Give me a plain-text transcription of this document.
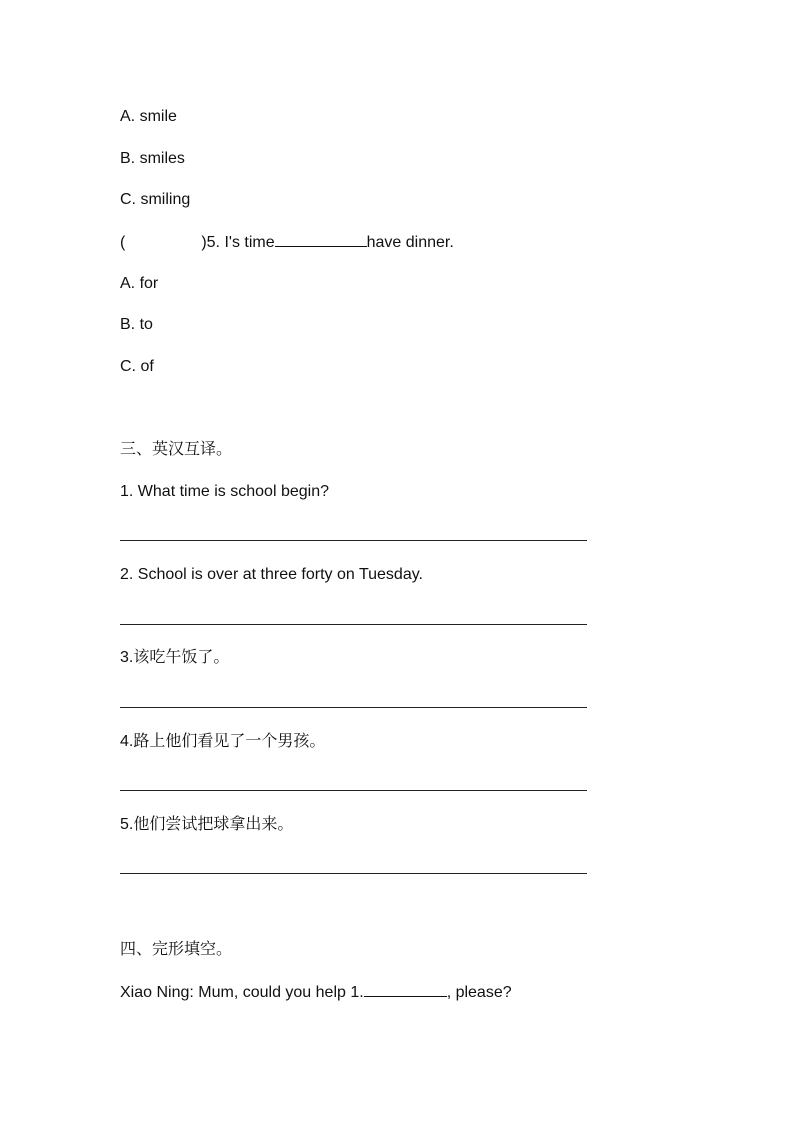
A. smile
B. smiles
C. smiling
(	)5. I's time	have dinner.
A. for
B. to
C. of
三、英汉互译。
1. What time is school begin?
2. School is over at three forty on Tuesday.
3.该吃午饭了。
4.路上他们看见了一个男孩。
5.他们尝试把球拿出来。
四、完形填空。
Xiao Ning: Mum, could you help 1.	, please?
